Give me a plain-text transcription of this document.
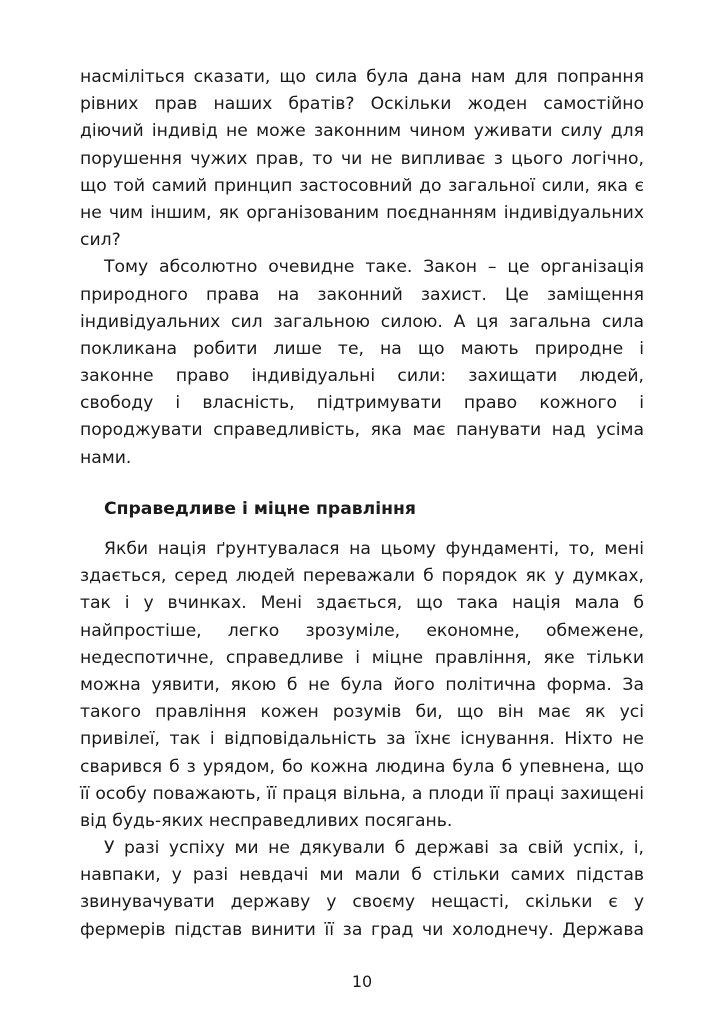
насміліться сказати, що сила була дана нам для попрання
рівних прав наших братів? Оскільки жоден самостійно
діючий індивід не може законним чином уживати силу для
порушення чужих прав, то чи не випливає з цього логічно,
що той самий принцип застосовний до загальної сили, яка є
не чим іншим, як організованим поєднанням індивідуальних
сил?
Тому абсолютно очевидне таке. Закон – це організація
природного права на законний захист. Це заміщення
індивідуальних сил загальною силою. А ця загальна сила
покликана робити лише те, на що мають природне і
законне право індивідуальні сили: захищати людей,
свободу і власність, підтримувати право кожного і
породжувати справедливість, яка має панувати над усіма
нами.
Справедливе і міцне правління
Якби нація ґрунтувалася на цьому фундаменті, то, мені
здається, серед людей переважали б порядок як у думках,
так і у вчинках. Мені здається, що така нація мала б
найпростіше, легко зрозуміле, економне, обмежене,
недеспотичне, справедливе і міцне правління, яке тільки
можна уявити, якою б не була його політична форма. За
такого правління кожен розумів би, що він має як усі
привілеї, так і відповідальність за їхнє існування. Ніхто не
сварився б з урядом, бо кожна людина була б упевнена, що
її особу поважають, її праця вільна, а плоди її праці захищені
від будь-яких несправедливих посягань.
У разі успіху ми не дякували б державі за свій успіх, і,
навпаки, у разі невдачі ми мали б стільки самих підстав
звинувачувати державу у своєму нещасті, скільки є у
фермерів підстав винити її за град чи холоднечу. Держава
10
